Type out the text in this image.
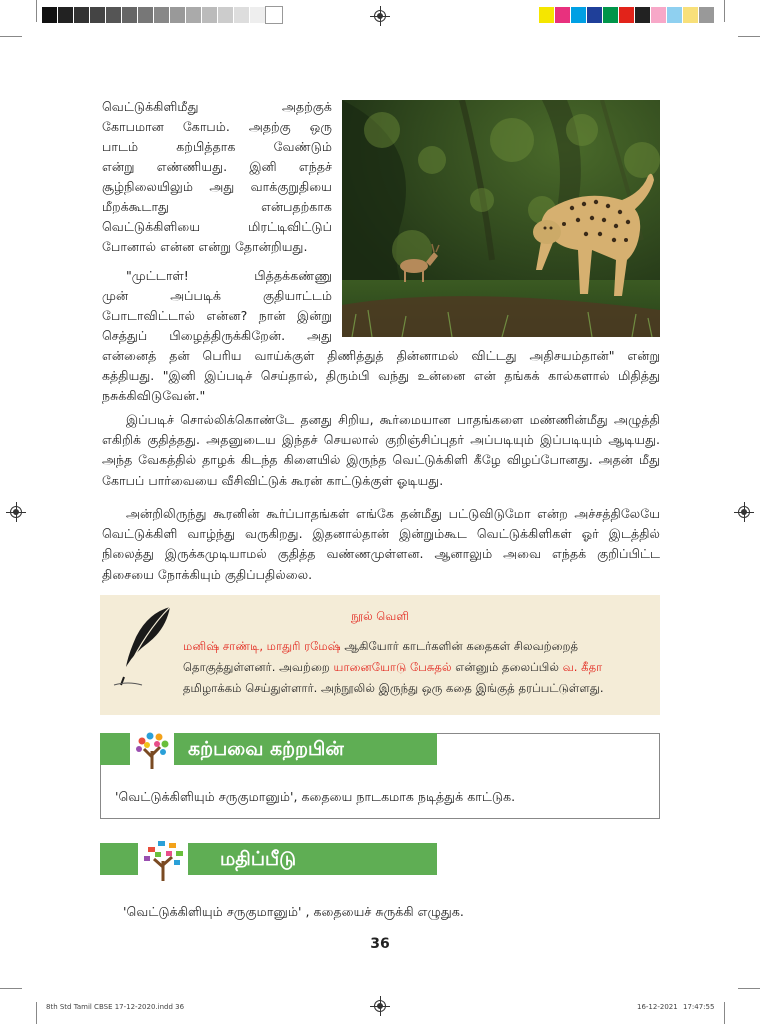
வெட்டுக்கிளிமீது அதற்குக்
கோபமான கோபம். அதற்கு ஒரு
பாடம் கற்பித்தாக வேண்டும்
என்று எண்ணியது. இனி எந்தச்
சூழ்நிலையிலும் அது வாக்குறுதியை
மீறக்கூடாது என்பதற்காக
வெட்டுக்கிளியை மிரட்டிவிட்டுப்
போனால் என்ன என்று தோன்றியது.
"முட்டாள்! பித்தக்கண்ணு
முன் அப்படிக் குதியாட்டம்
போடாவிட்டால் என்ன? நான் இன்று
செத்துப் பிழைத்திருக்கிறேன். அது
என்னைத் தன் பெரிய வாய்க்குள் திணித்துத் தின்னாமல் விட்டது அதிசயம்தான்" என்று
கத்தியது. "இனி இப்படிச் செய்தால், திரும்பி வந்து உன்னை என் தங்கக் கால்களால் மிதித்து
நசுக்கிவிடுவேன்."
இப்படிச் சொல்லிக்கொண்டே தனது சிறிய, கூர்மையான பாதங்களை மண்ணின்மீது அழுத்தி எகிறிக் குதித்தது. அதனுடைய இந்தச் செயலால் குறிஞ்சிப்புதர் அப்படியும் இப்படியும் ஆடியது. அந்த வேகத்தில் தாழக் கிடந்த கிளையில் இருந்த வெட்டுக்கிளி கீழே விழப்போனது. அதன் மீது கோபப் பார்வையை வீசிவிட்டுக் கூரன் காட்டுக்குள் ஓடியது.
அன்றிலிருந்து கூரனின் கூர்ப்பாதங்கள் எங்கே தன்மீது பட்டுவிடுமோ என்ற அச்சத்திலேயே வெட்டுக்கிளி வாழ்ந்து வருகிறது. இதனால்தான் இன்றும்கூட வெட்டுக்கிளிகள் ஓர் இடத்தில் நிலைத்து இருக்கமுடியாமல் குதித்த வண்ணமுள்ளன. ஆனாலும் அவை எந்தக் குறிப்பிட்ட திசையை நோக்கியும் குதிப்பதில்லை.
நூல் வெளி
மனிஷ் சாண்டி, மாதுரி ரமேஷ் ஆகியோர் காடர்களின் கதைகள் சிலவற்றைத் தொகுத்துள்ளனர். அவற்றை யானையோடு பேசுதல் என்னும் தலைப்பில் வ. கீதா தமிழாக்கம் செய்துள்ளார். அந்நூலில் இருந்து ஒரு கதை இங்குத் தரப்பட்டுள்ளது.
கற்பவை கற்றபின்
'வெட்டுக்கிளியும் சருகுமானும்', கதையை நாடகமாக நடித்துக் காட்டுக.
மதிப்பீடு
'வெட்டுக்கிளியும் சருகுமானும்' , கதையைச் சுருக்கி எழுதுக.
36
8th Std Tamil CBSE 17-12-2020.indd 36	16-12-2021 17:47:55
